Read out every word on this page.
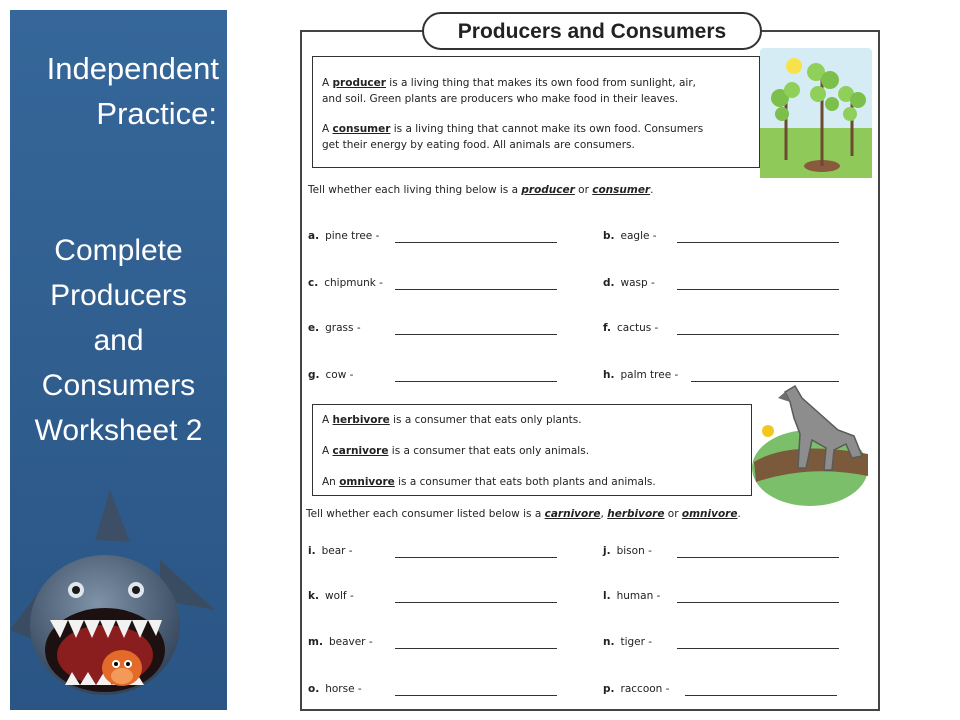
Independent
Practice:
Complete
Producers
and
Consumers
Worksheet 2
Producers and Consumers
A producer is a living thing that makes its own food from sunlight, air,
and soil. Green plants are producers who make food in their leaves.
A consumer is a living thing that cannot make its own food. Consumers
get their energy by eating food. All animals are consumers.
Tell whether each living thing below is a producer or consumer.
a. pine tree -	b. eagle -
c. chipmunk -	d. wasp -
e. grass -	f. cactus -
g. cow -	h. palm tree -
A herbivore is a consumer that eats only plants.
A carnivore is a consumer that eats only animals.
An omnivore is a consumer that eats both plants and animals.
Tell whether each consumer listed below is a carnivore, herbivore or omnivore.
i. bear -	j. bison -
k. wolf -	l. human -
m. beaver -	n. tiger -
o. horse -	p. raccoon -
